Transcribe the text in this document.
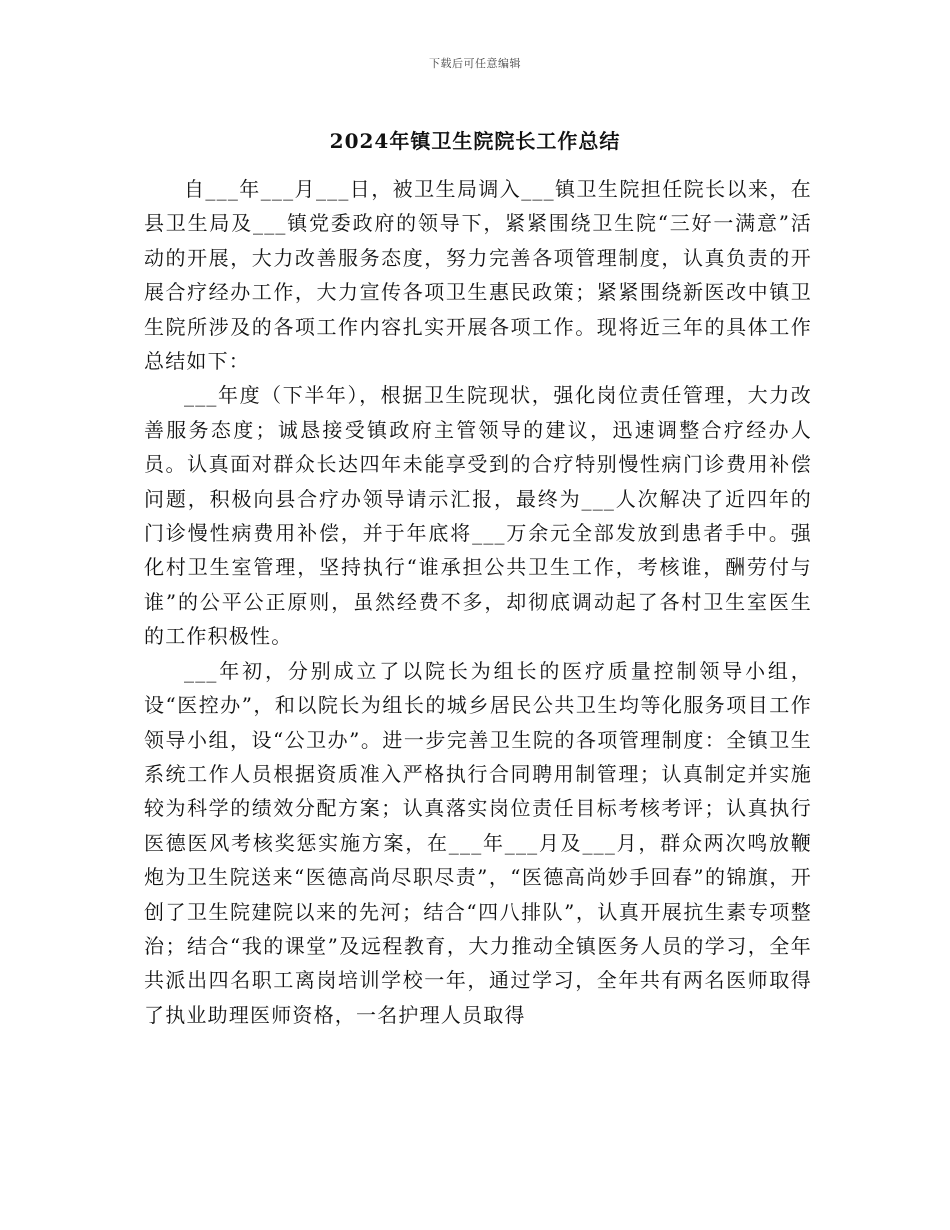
下载后可任意编辑
2024年镇卫生院院长工作总结

自___年___月___日，被卫生局调入___镇卫生院担任院长以来，在县卫生局及___镇党委政府的领导下，紧紧围绕卫生院“三好一满意”活动的开展，大力改善服务态度，努力完善各项管理制度，认真负责的开展合疗经办工作，大力宣传各项卫生惠民政策；紧紧围绕新医改中镇卫生院所涉及的各项工作内容扎实开展各项工作。现将近三年的具体工作总结如下：

___年度（下半年），根据卫生院现状，强化岗位责任管理，大力改善服务态度；诚恳接受镇政府主管领导的建议，迅速调整合疗经办人员。认真面对群众长达四年未能享受到的合疗特别慢性病门诊费用补偿问题，积极向县合疗办领导请示汇报，最终为___人次解决了近四年的门诊慢性病费用补偿，并于年底将___万余元全部发放到患者手中。强化村卫生室管理，坚持执行“谁承担公共卫生工作，考核谁，酬劳付与谁”的公平公正原则，虽然经费不多，却彻底调动起了各村卫生室医生的工作积极性。

___年初，分别成立了以院长为组长的医疗质量控制领导小组，设“医控办”，和以院长为组长的城乡居民公共卫生均等化服务项目工作领导小组，设“公卫办”。进一步完善卫生院的各项管理制度：全镇卫生系统工作人员根据资质准入严格执行合同聘用制管理；认真制定并实施较为科学的绩效分配方案；认真落实岗位责任目标考核考评；认真执行医德医风考核奖惩实施方案，在___年___月及___月，群众两次鸣放鞭炮为卫生院送来“医德高尚尽职尽责”，“医德高尚妙手回春”的锦旗，开创了卫生院建院以来的先河；结合“四八排队”，认真开展抗生素专项整治；结合“我的课堂”及远程教育，大力推动全镇医务人员的学习，全年共派出四名职工离岗培训学校一年，通过学习，全年共有两名医师取得了执业助理医师资格，一名护理人员取得
